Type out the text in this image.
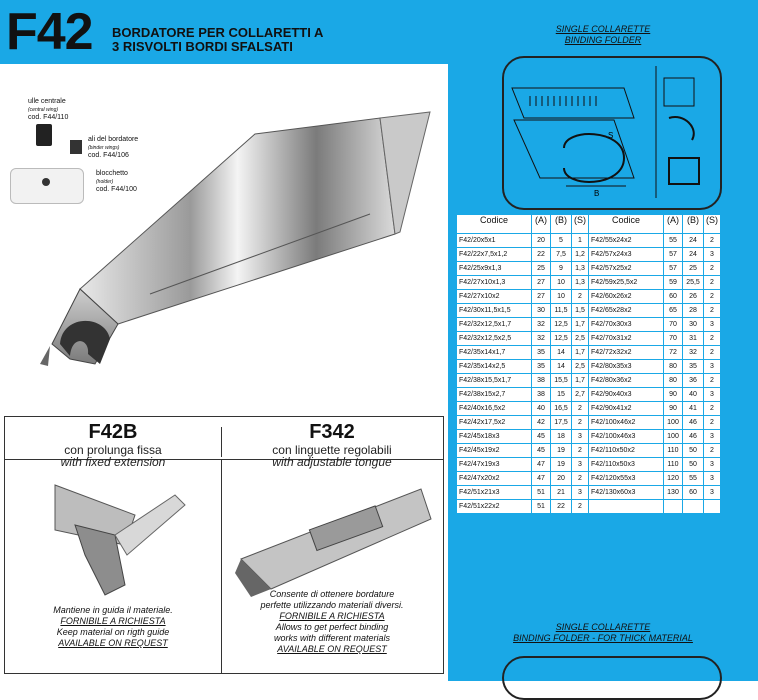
F42 BORDATORE PER COLLARETTI A
3 RISVOLTI BORDI SFALSATI
ulle centrale
(central wing)
cod. F44/110
ali del bordatore
(binder wings)
cod. F44/106
blocchetto
(holder)
cod. F44/100
F42B
con prolunga fissa
with fixed extension
F342
con linguette regolabili
with adjustable tongue
Mantiene in guida il materiale.
FORNIBILE A RICHIESTA
Keep material on rigth guide
AVAILABLE ON REQUEST
Consente di ottenere bordature
perfette utilizzando materiali diversi.
FORNIBILE A RICHIESTA
Allows to get perfect binding
works with different materials
AVAILABLE ON REQUEST
SINGLE COLLARETTE
BINDING FOLDER
B
S
Codice	(A)	(B)	(S)	Codice	(A)	(B)	(S)
F42/20x5x1	20	5	1	F42/55x24x2	55	24	2
F42/22x7,5x1,2	22	7,5	1,2	F42/57x24x3	57	24	3
F42/25x9x1,3	25	9	1,3	F42/57x25x2	57	25	2
F42/27x10x1,3	27	10	1,3	F42/59x25,5x2	59	25,5	2
F42/27x10x2	27	10	2	F42/60x26x2	60	26	2
F42/30x11,5x1,5	30	11,5	1,5	F42/65x28x2	65	28	2
F42/32x12,5x1,7	32	12,5	1,7	F42/70x30x3	70	30	3
F42/32x12,5x2,5	32	12,5	2,5	F42/70x31x2	70	31	2
F42/35x14x1,7	35	14	1,7	F42/72x32x2	72	32	2
F42/35x14x2,5	35	14	2,5	F42/80x35x3	80	35	3
F42/38x15,5x1,7	38	15,5	1,7	F42/80x36x2	80	36	2
F42/38x15x2,7	38	15	2,7	F42/90x40x3	90	40	3
F42/40x16,5x2	40	16,5	2	F42/90x41x2	90	41	2
F42/42x17,5x2	42	17,5	2	F42/100x46x2	100	46	2
F42/45x18x3	45	18	3	F42/100x46x3	100	46	3
F42/45x19x2	45	19	2	F42/110x50x2	110	50	2
F42/47x19x3	47	19	3	F42/110x50x3	110	50	3
F42/47x20x2	47	20	2	F42/120x55x3	120	55	3
F42/51x21x3	51	21	3	F42/130x60x3	130	60	3
F42/51x22x2	51	22	2				
SINGLE COLLARETTE
BINDING FOLDER - FOR THICK MATERIAL
